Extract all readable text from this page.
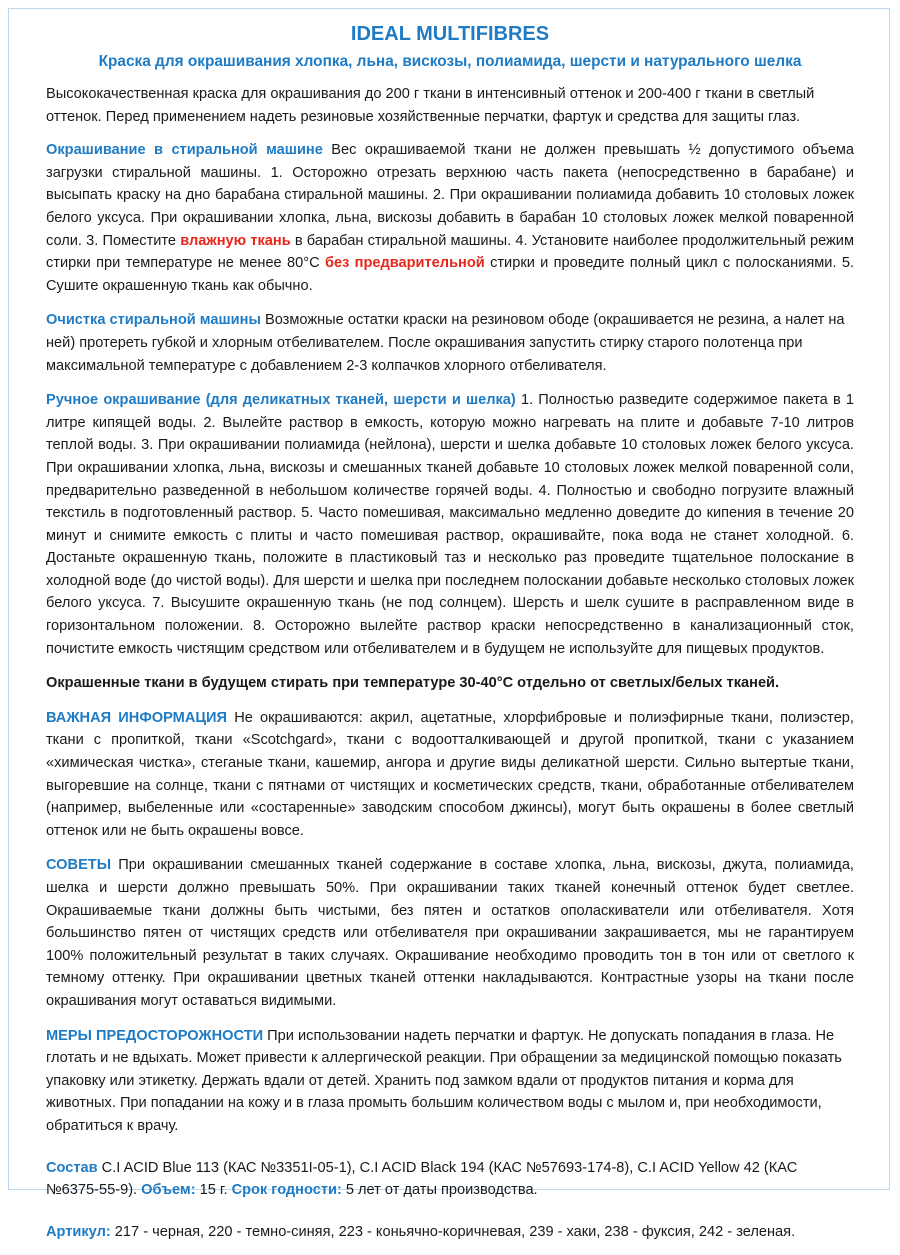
IDEAL MULTIFIBRES
Краска для окрашивания хлопка, льна, вискозы, полиамида, шерсти и натурального шелка

Высококачественная краска для окрашивания до 200 г ткани в интенсивный оттенок и 200-400 г ткани в светлый оттенок. Перед применением надеть резиновые хозяйственные перчатки, фартук и средства для защиты глаз.

Окрашивание в стиральной машине Вес окрашиваемой ткани не должен превышать ½ допустимого объема загрузки стиральной машины. 1. Осторожно отрезать верхнюю часть пакета (непосредственно в барабане) и высыпать краску на дно барабана стиральной машины. 2. При окрашивании полиамида добавить 10 столовых ложек белого уксуса. При окрашивании хлопка, льна, вискозы добавить в барабан 10 столовых ложек мелкой поваренной соли. 3. Поместите влажную ткань в барабан стиральной машины. 4. Установите наиболее продолжительный режим стирки при температуре не менее 80°С без предварительной стирки и проведите полный цикл с полосканиями. 5. Сушите окрашенную ткань как обычно.

Очистка стиральной машины Возможные остатки краски на резиновом ободе (окрашивается не резина, а налет на ней) протереть губкой и хлорным отбеливателем. После окрашивания запустить стирку старого полотенца при максимальной температуре с добавлением 2-3 колпачков хлорного отбеливателя.

Ручное окрашивание (для деликатных тканей, шерсти и шелка) 1. Полностью разведите содержимое пакета в 1 литре кипящей воды. 2. Вылейте раствор в емкость, которую можно нагревать на плите и добавьте 7-10 литров теплой воды. 3. При окрашивании полиамида (нейлона), шерсти и шелка добавьте 10 столовых ложек белого уксуса. При окрашивании хлопка, льна, вискозы и смешанных тканей добавьте 10 столовых ложек мелкой поваренной соли, предварительно разведенной в небольшом количестве горячей воды. 4. Полностью и свободно погрузите влажный текстиль в подготовленный раствор. 5. Часто помешивая, максимально медленно доведите до кипения в течение 20 минут и снимите емкость с плиты и часто помешивая раствор, окрашивайте, пока вода не станет холодной. 6. Достаньте окрашенную ткань, положите в пластиковый таз и несколько раз проведите тщательное полоскание в холодной воде (до чистой воды). Для шерсти и шелка при последнем полоскании добавьте несколько столовых ложек белого уксуса. 7. Высушите окрашенную ткань (не под солнцем). Шерсть и шелк сушите в расправленном виде в горизонтальном положении. 8. Осторожно вылейте раствор краски непосредственно в канализационный сток, почистите емкость чистящим средством или отбеливателем и в будущем не используйте для пищевых продуктов.

Окрашенные ткани в будущем стирать при температуре 30-40°С отдельно от светлых/белых тканей.

ВАЖНАЯ ИНФОРМАЦИЯ Не окрашиваются: акрил, ацетатные, хлорфибровые и полиэфирные ткани, полиэстер, ткани с пропиткой, ткани «Scotchgard», ткани с водоотталкивающей и другой пропиткой, ткани с указанием «химическая чистка», стеганые ткани, кашемир, ангора и другие виды деликатной шерсти. Сильно вытертые ткани, выгоревшие на солнце, ткани с пятнами от чистящих и косметических средств, ткани, обработанные отбеливателем (например, выбеленные или «состаренные» заводским способом джинсы), могут быть окрашены в более светлый оттенок или не быть окрашены вовсе.

СОВЕТЫ При окрашивании смешанных тканей содержание в составе хлопка, льна, вискозы, джута, полиамида, шелка и шерсти должно превышать 50%. При окрашивании таких тканей конечный оттенок будет светлее. Окрашиваемые ткани должны быть чистыми, без пятен и остатков ополаскиватели или отбеливателя. Хотя большинство пятен от чистящих средств или отбеливателя при окрашивании закрашивается, мы не гарантируем 100% положительный результат в таких случаях. Окрашивание необходимо проводить тон в тон или от светлого к темному оттенку. При окрашивании цветных тканей оттенки накладываются. Контрастные узоры на ткани после окрашивания могут оставаться видимыми.

МЕРЫ ПРЕДОСТОРОЖНОСТИ При использовании надеть перчатки и фартук. Не допускать попадания в глаза. Не глотать и не вдыхать. Может привести к аллергической реакции. При обращении за медицинской помощью показать упаковку или этикетку. Держать вдали от детей. Хранить под замком вдали от продуктов питания и корма для животных. При попадании на кожу и в глаза промыть большим количеством воды с мылом и, при необходимости, обратиться к врачу.

Состав C.I ACID Blue 113 (КАС №3351I-05-1), C.I ACID Black 194 (КАС №57693-174-8), C.I ACID Yellow 42 (КАС №6375-55-9). Объем: 15 г. Срок годности: 5 лет от даты производства.

Артикул: 217 - черная, 220 - темно-синяя, 223 - коньячно-коричневая, 239 - хаки, 238 - фуксия, 242 - зеленая.
